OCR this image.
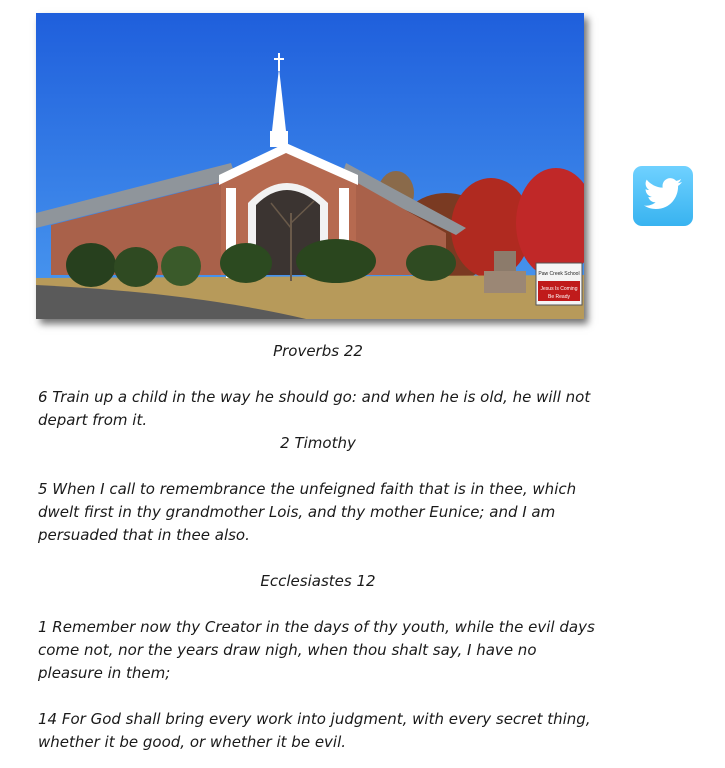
Paw Creek School
Jesus Is Coming
Be Ready

Proverbs 22

6 Train up a child in the way he should go: and when he is old, he will not depart from it.

2 Timothy

5 When I call to remembrance the unfeigned faith that is in thee, which dwelt first in thy grandmother Lois, and thy mother Eunice; and I am persuaded that in thee also.

Ecclesiastes 12

1 Remember now thy Creator in the days of thy youth, while the evil days come not, nor the years draw nigh, when thou shalt say, I have no pleasure in them;

14 For God shall bring every work into judgment, with every secret thing, whether it be good, or whether it be evil.
